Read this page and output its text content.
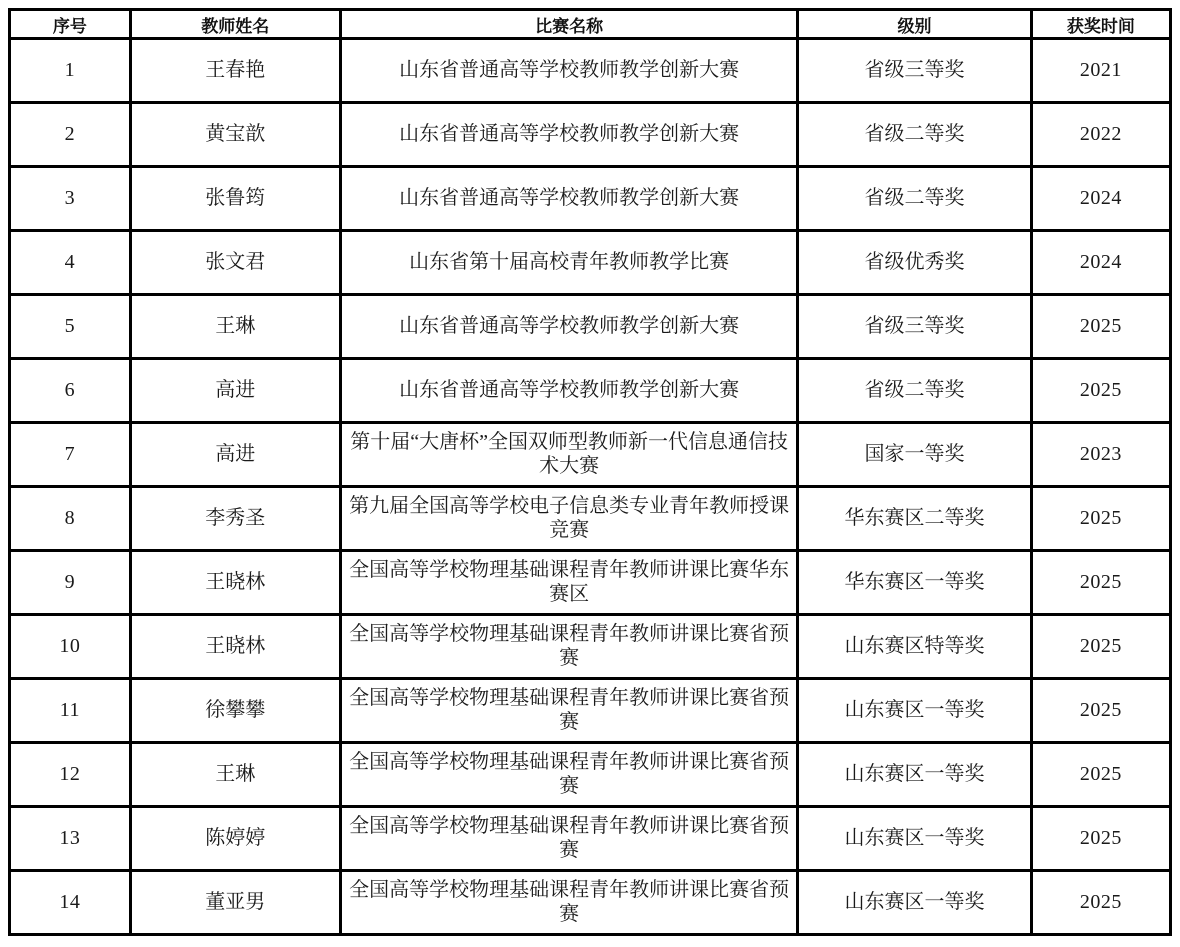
序号	教师姓名	比赛名称	级别	获奖时间
1	王春艳	山东省普通高等学校教师教学创新大赛	省级三等奖	2021
2	黄宝歆	山东省普通高等学校教师教学创新大赛	省级二等奖	2022
3	张鲁筠	山东省普通高等学校教师教学创新大赛	省级二等奖	2024
4	张文君	山东省第十届高校青年教师教学比赛	省级优秀奖	2024
5	王琳	山东省普通高等学校教师教学创新大赛	省级三等奖	2025
6	高进	山东省普通高等学校教师教学创新大赛	省级二等奖	2025
7	高进	第十届“大唐杯”全国双师型教师新一代信息通信技术大赛	国家一等奖	2023
8	李秀圣	第九届全国高等学校电子信息类专业青年教师授课竞赛	华东赛区二等奖	2025
9	王晓林	全国高等学校物理基础课程青年教师讲课比赛华东赛区	华东赛区一等奖	2025
10	王晓林	全国高等学校物理基础课程青年教师讲课比赛省预赛	山东赛区特等奖	2025
11	徐攀攀	全国高等学校物理基础课程青年教师讲课比赛省预赛	山东赛区一等奖	2025
12	王琳	全国高等学校物理基础课程青年教师讲课比赛省预赛	山东赛区一等奖	2025
13	陈婷婷	全国高等学校物理基础课程青年教师讲课比赛省预赛	山东赛区一等奖	2025
14	董亚男	全国高等学校物理基础课程青年教师讲课比赛省预赛	山东赛区一等奖	2025
